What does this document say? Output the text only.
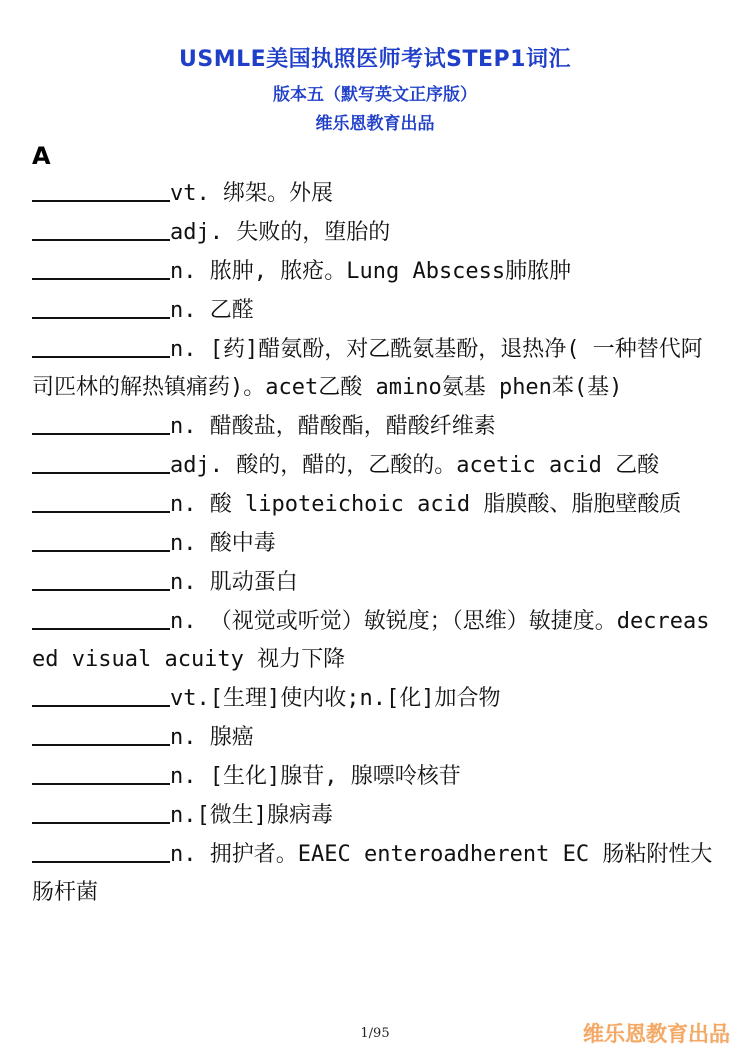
USMLE美国执照医师考试STEP1词汇
版本五（默写英文正序版）
维乐恩教育出品
A
vt. 绑架。外展
adj. 失败的，堕胎的
n. 脓肿, 脓疮。Lung Abscess肺脓肿
n. 乙醛
n. [药]醋氨酚，对乙酰氨基酚，退热净( 一种替代阿司匹林的解热镇痛药)。acet乙酸 amino氨基 phen苯(基)
n. 醋酸盐，醋酸酯，醋酸纤维素
adj. 酸的，醋的，乙酸的。acetic acid 乙酸
n. 酸 lipoteichoic acid 脂膜酸、脂胞壁酸质
n. 酸中毒
n. 肌动蛋白
n. （视觉或听觉）敏锐度；（思维）敏捷度。decreased visual acuity 视力下降
vt.[生理]使内收;n.[化]加合物
n. 腺癌
n. [生化]腺苷, 腺嘌呤核苷
n.[微生]腺病毒
n. 拥护者。EAEC enteroadherent EC 肠粘附性大肠杆菌
1/95	维乐恩教育出品
